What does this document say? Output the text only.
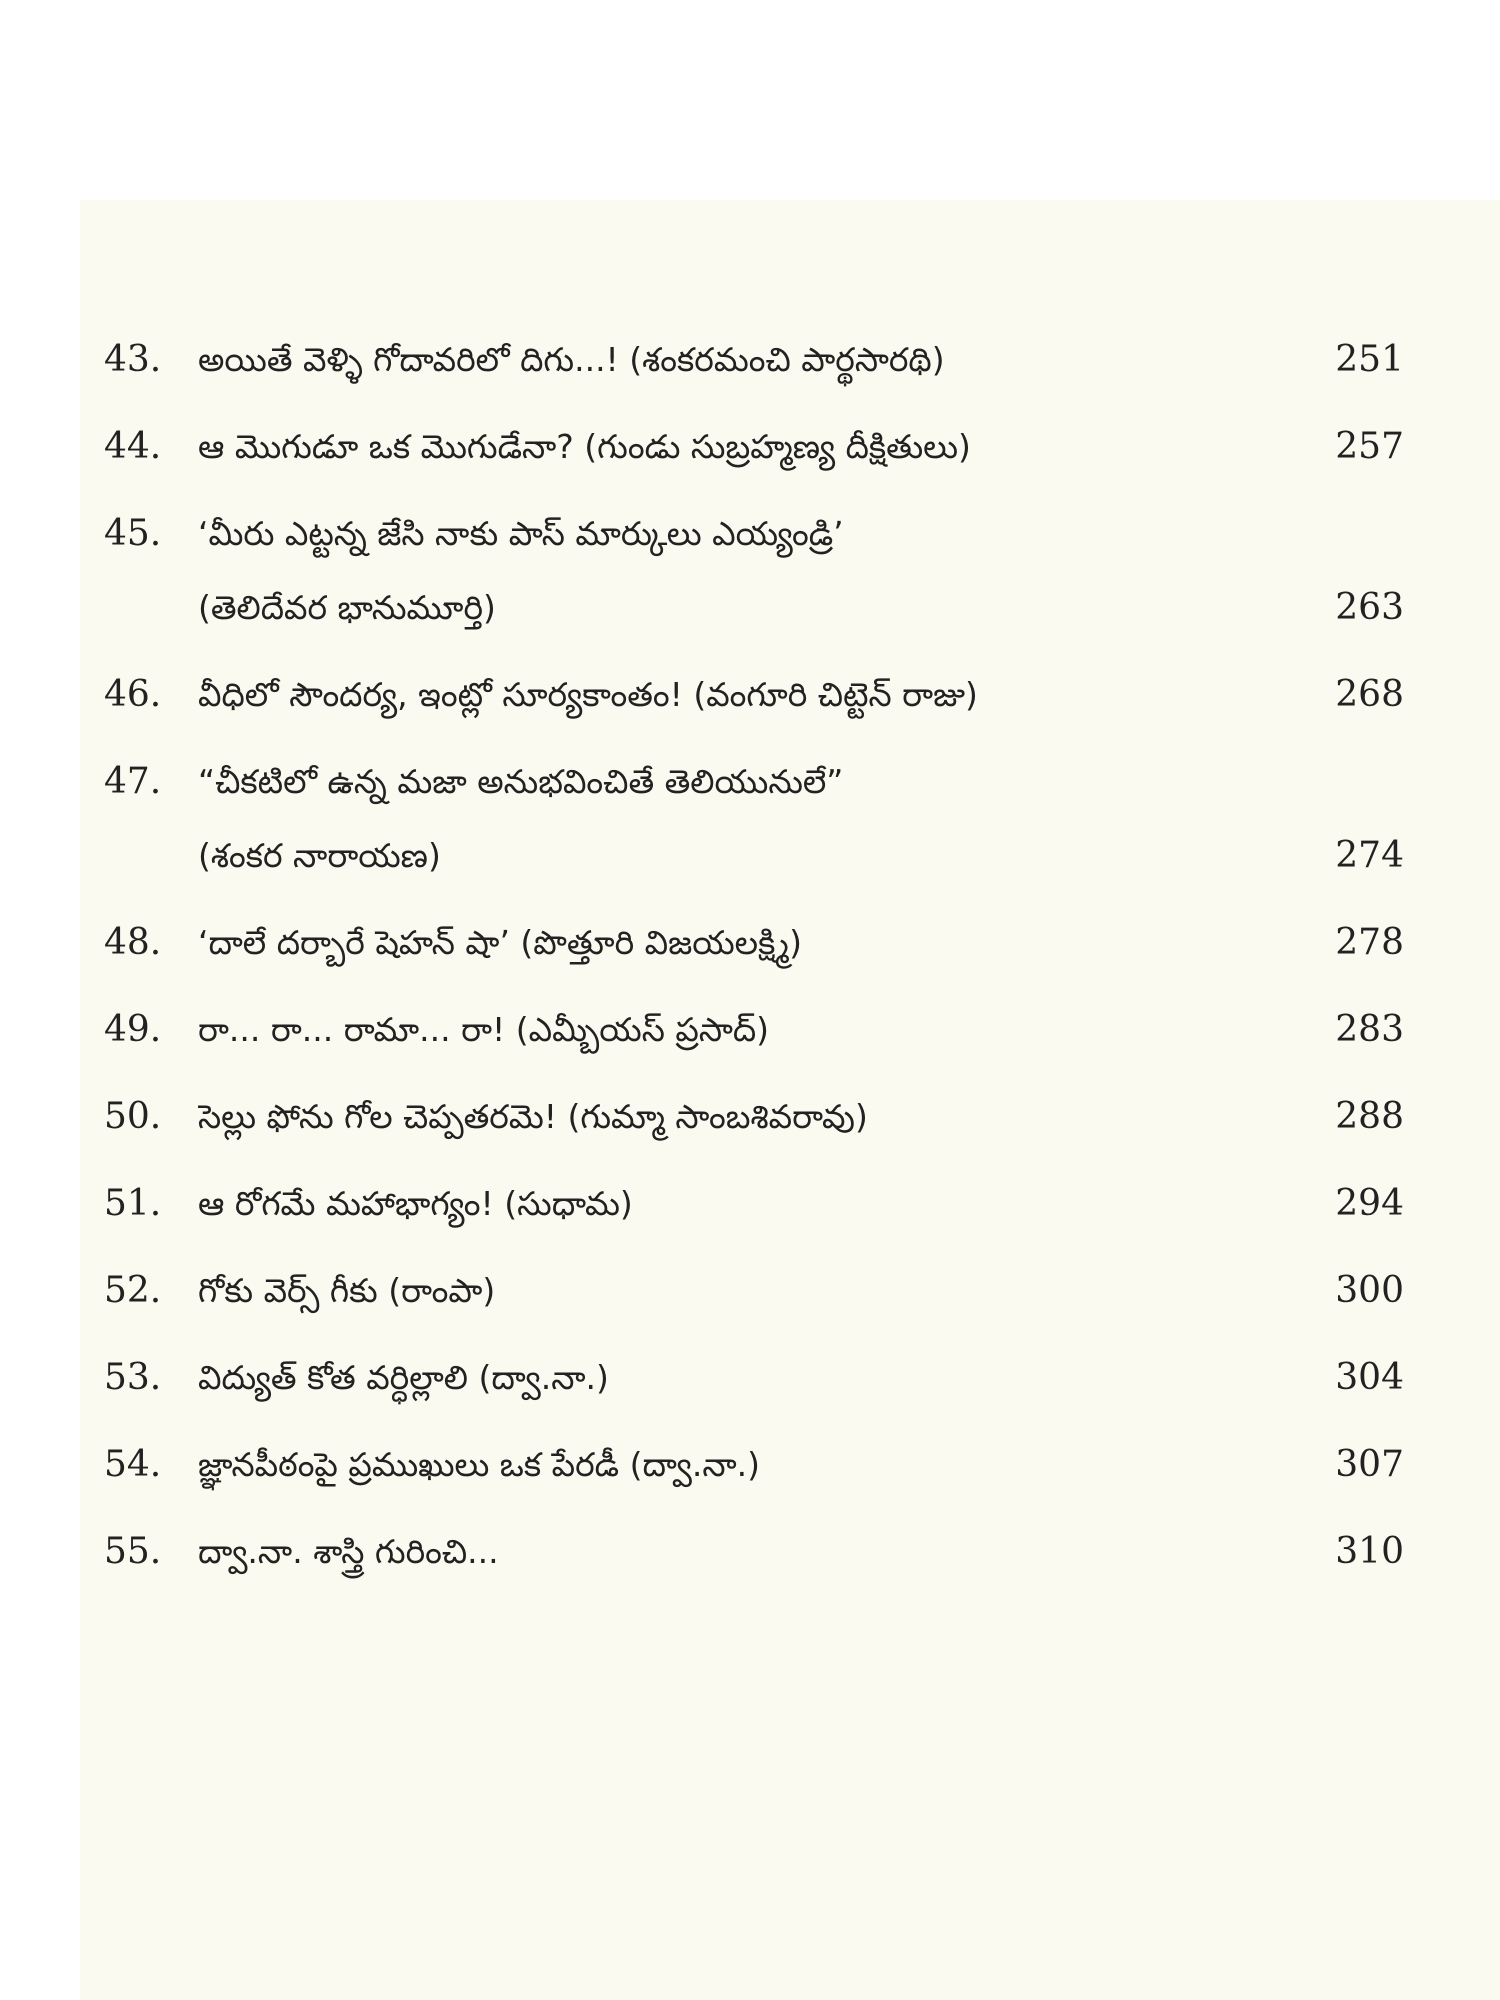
43.	అయితే వెళ్ళి గోదావరిలో దిగు...! (శంకరమంచి పార్థసారథి)	251
44.	ఆ మొగుడూ ఒక మొగుడేనా? (గుండు సుబ్రహ్మణ్య దీక్షితులు)	257
45.	‘మీరు ఎట్టన్న జేసి నాకు పాస్ మార్కులు ఎయ్యండ్రి’
(తెలిదేవర భానుమూర్తి)	263
46.	వీధిలో సౌందర్య, ఇంట్లో సూర్యకాంతం! (వంగూరి చిట్టెన్ రాజు)	268
47.	“చీకటిలో ఉన్న మజా అనుభవించితే తెలియునులే”
(శంకర నారాయణ)	274
48.	‘దాలే దర్బారే షెహన్ షా’ (పొత్తూరి విజయలక్ష్మి)	278
49.	రా... రా... రామా... రా! (ఎమ్బీయస్ ప్రసాద్)	283
50.	సెల్లు ఫోను గోల చెప్పతరమె! (గుమ్మా సాంబశివరావు)	288
51.	ఆ రోగమే మహాభాగ్యం! (సుధామ)	294
52.	గోకు వెర్స్ గీకు (రాంపా)	300
53.	విద్యుత్ కోత వర్ధిల్లాలి (ద్వా.నా.)	304
54.	జ్ఞానపీఠంపై ప్రముఖులు ఒక పేరడీ (ద్వా.నా.)	307
55.	ద్వా.నా. శాస్త్రి గురించి...	310
